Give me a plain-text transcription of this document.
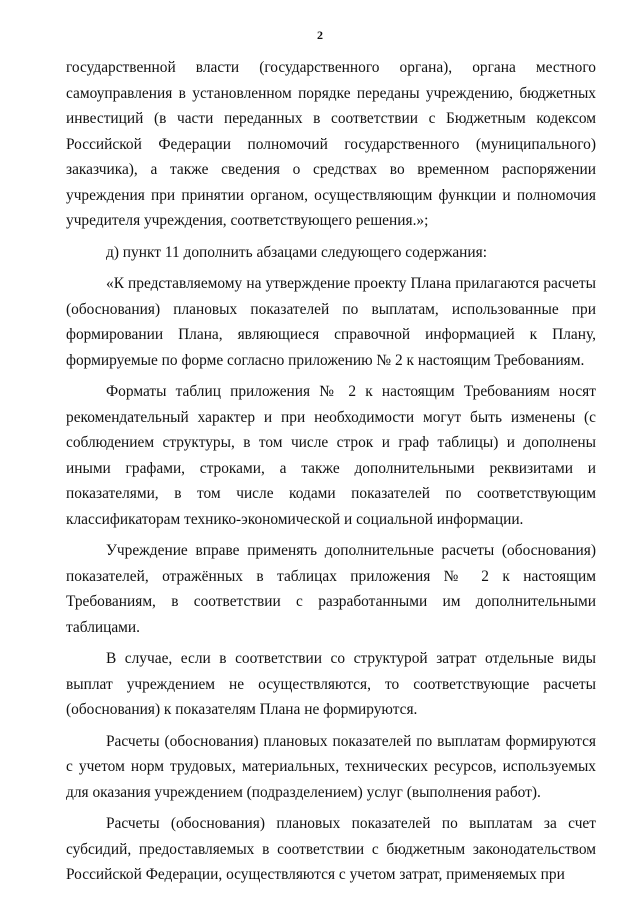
2

государственной власти (государственного органа), органа местного самоуправления в установленном порядке переданы учреждению, бюджетных инвестиций (в части переданных в соответствии с Бюджетным кодексом Российской Федерации полномочий государственного (муниципального) заказчика), а также сведения о средствах во временном распоряжении учреждения при принятии органом, осуществляющим функции и полномочия учредителя учреждения, соответствующего решения.»;

д) пункт 11 дополнить абзацами следующего содержания:

«К представляемому на утверждение проекту Плана прилагаются расчеты (обоснования) плановых показателей по выплатам, использованные при формировании Плана, являющиеся справочной информацией к Плану, формируемые по форме согласно приложению № 2 к настоящим Требованиям.

Форматы таблиц приложения № 2 к настоящим Требованиям носят рекомендательный характер и при необходимости могут быть изменены (с соблюдением структуры, в том числе строк и граф таблицы) и дополнены иными графами, строками, а также дополнительными реквизитами и показателями, в том числе кодами показателей по соответствующим классификаторам технико-экономической и социальной информации.

Учреждение вправе применять дополнительные расчеты (обоснования) показателей, отражённых в таблицах приложения № 2 к настоящим Требованиям, в соответствии с разработанными им дополнительными таблицами.

В случае, если в соответствии со структурой затрат отдельные виды выплат учреждением не осуществляются, то соответствующие расчеты (обоснования) к показателям Плана не формируются.

Расчеты (обоснования) плановых показателей по выплатам формируются с учетом норм трудовых, материальных, технических ресурсов, используемых для оказания учреждением (подразделением) услуг (выполнения работ).

Расчеты (обоснования) плановых показателей по выплатам за счет субсидий, предоставляемых в соответствии с бюджетным законодательством Российской Федерации, осуществляются с учетом затрат, применяемых при
